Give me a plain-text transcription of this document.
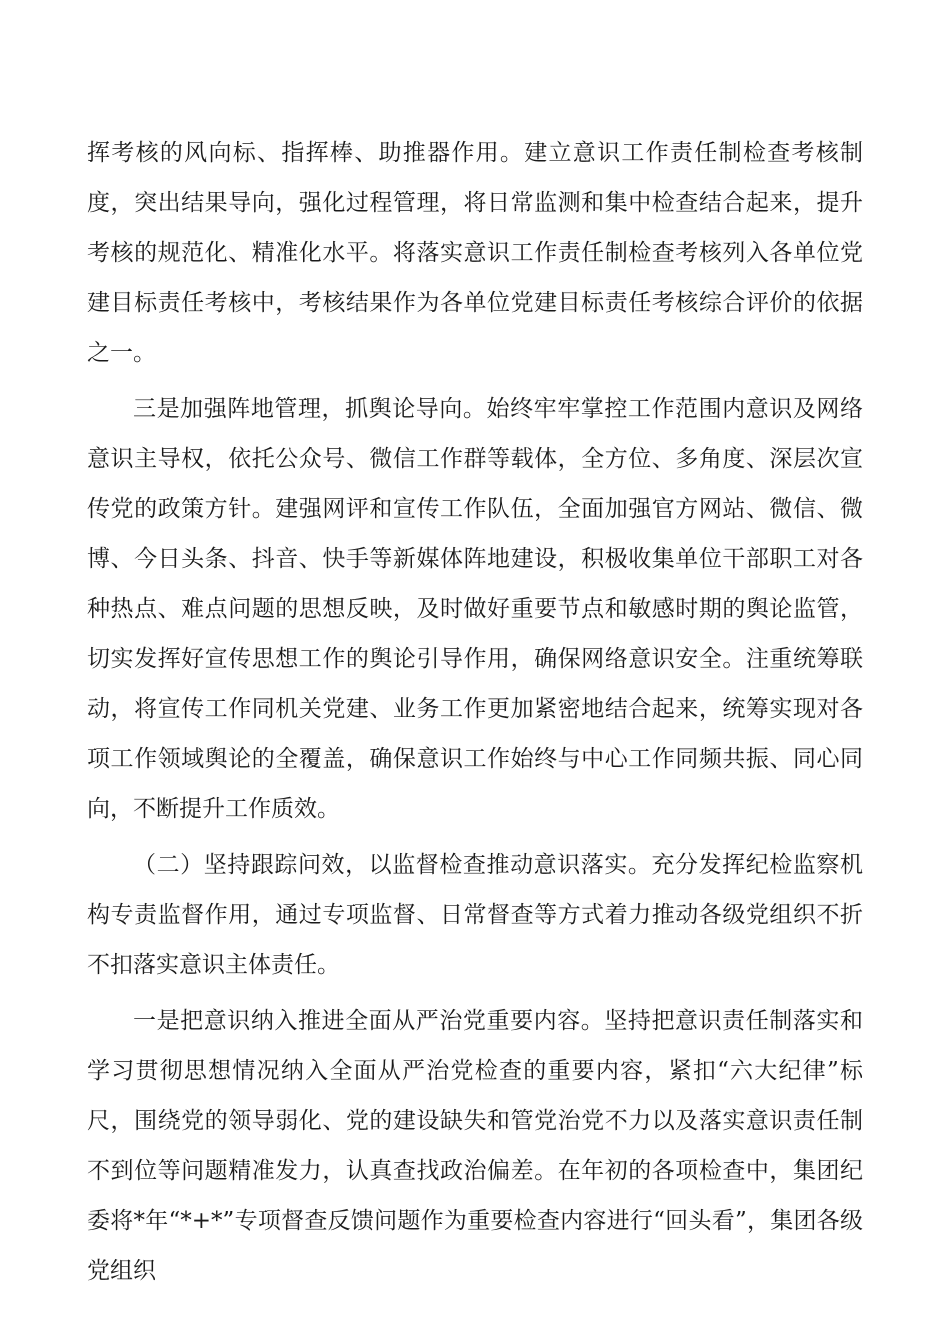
挥考核的风向标、指挥棒、助推器作用。建立意识工作责任制检查考核制度，突出结果导向，强化过程管理，将日常监测和集中检查结合起来，提升考核的规范化、精准化水平。将落实意识工作责任制检查考核列入各单位党建目标责任考核中，考核结果作为各单位党建目标责任考核综合评价的依据之一。

三是加强阵地管理，抓舆论导向。始终牢牢掌控工作范围内意识及网络意识主导权，依托公众号、微信工作群等载体，全方位、多角度、深层次宣传党的政策方针。建强网评和宣传工作队伍，全面加强官方网站、微信、微博、今日头条、抖音、快手等新媒体阵地建设，积极收集单位干部职工对各种热点、难点问题的思想反映，及时做好重要节点和敏感时期的舆论监管，切实发挥好宣传思想工作的舆论引导作用，确保网络意识安全。注重统筹联动，将宣传工作同机关党建、业务工作更加紧密地结合起来，统筹实现对各项工作领域舆论的全覆盖，确保意识工作始终与中心工作同频共振、同心同向，不断提升工作质效。

（二）坚持跟踪问效，以监督检查推动意识落实。充分发挥纪检监察机构专责监督作用，通过专项监督、日常督查等方式着力推动各级党组织不折不扣落实意识主体责任。

一是把意识纳入推进全面从严治党重要内容。坚持把意识责任制落实和学习贯彻思想情况纳入全面从严治党检查的重要内容，紧扣“六大纪律”标尺，围绕党的领导弱化、党的建设缺失和管党治党不力以及落实意识责任制不到位等问题精准发力，认真查找政治偏差。在年初的各项检查中，集团纪委将*年“*+*”专项督查反馈问题作为重要检查内容进行“回头看”，集团各级党组织
